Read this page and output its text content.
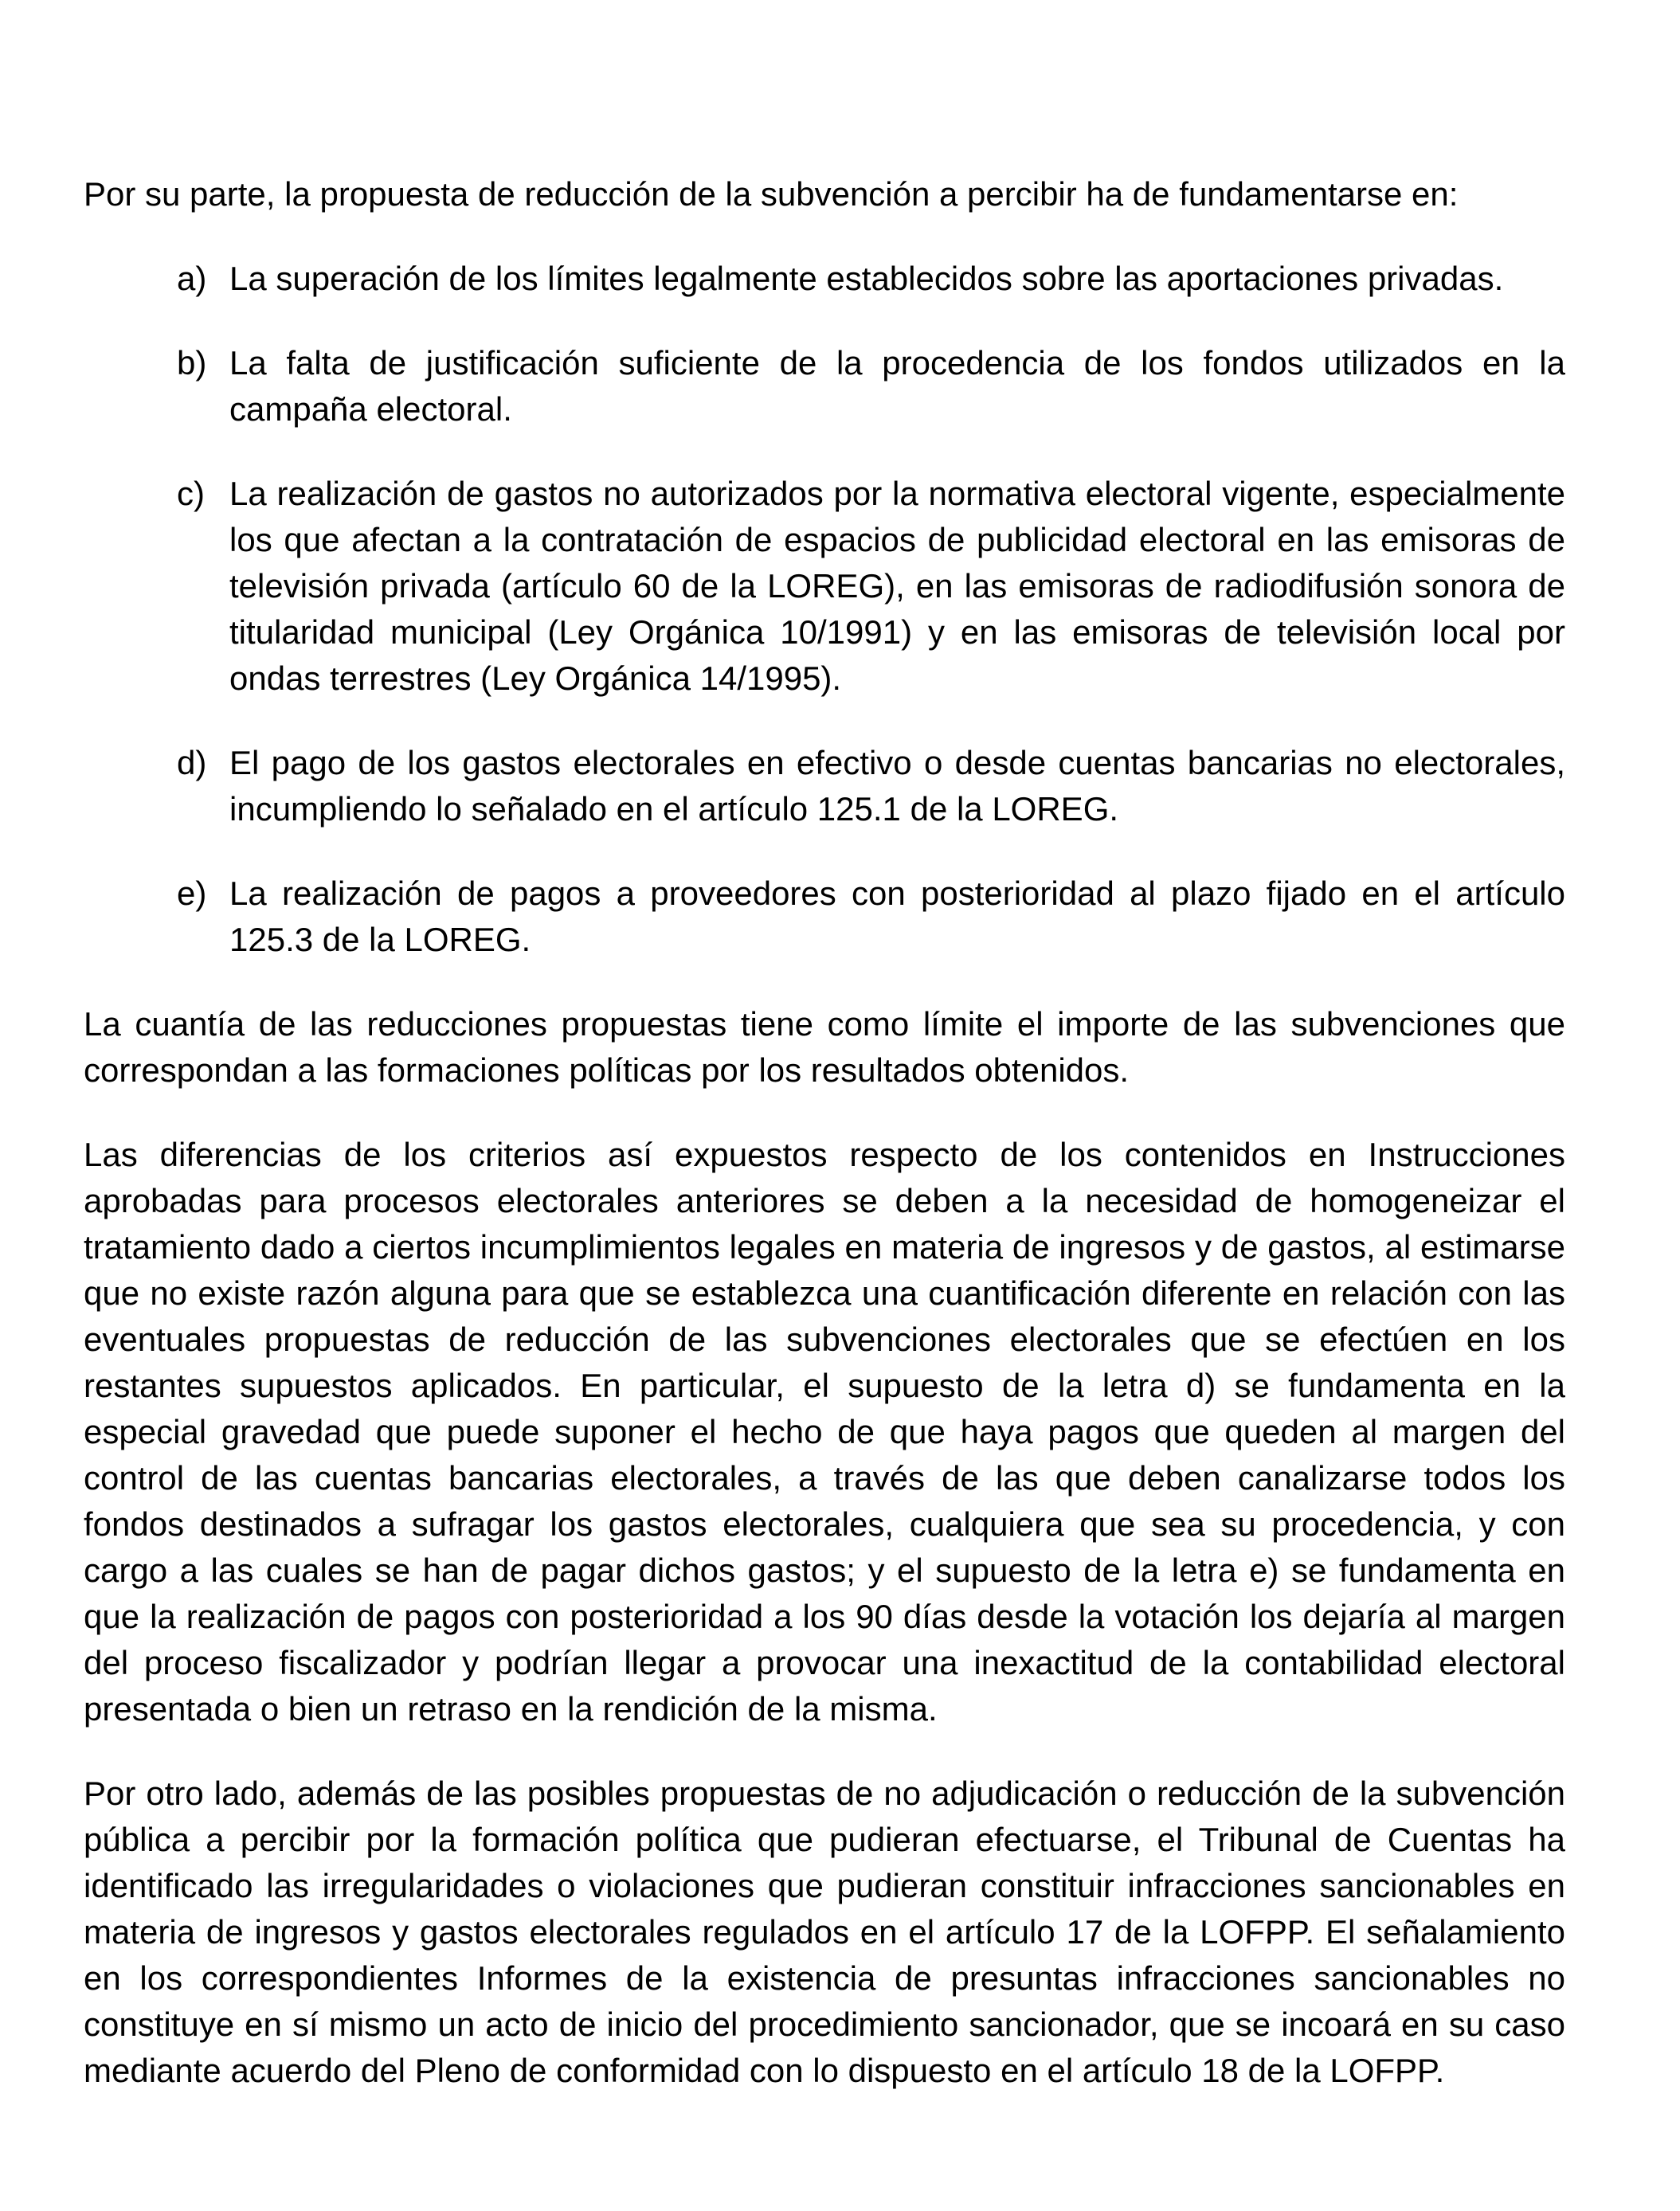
Por su parte, la propuesta de reducción de la subvención a percibir ha de fundamentarse en:

a) La superación de los límites legalmente establecidos sobre las aportaciones privadas.
b) La falta de justificación suficiente de la procedencia de los fondos utilizados en la campaña electoral.
c) La realización de gastos no autorizados por la normativa electoral vigente, especialmente los que afectan a la contratación de espacios de publicidad electoral en las emisoras de televisión privada (artículo 60 de la LOREG), en las emisoras de radiodifusión sonora de titularidad municipal (Ley Orgánica 10/1991) y en las emisoras de televisión local por ondas terrestres (Ley Orgánica 14/1995).
d) El pago de los gastos electorales en efectivo o desde cuentas bancarias no electorales, incumpliendo lo señalado en el artículo 125.1 de la LOREG.
e) La realización de pagos a proveedores con posterioridad al plazo fijado en el artículo 125.3 de la LOREG.

La cuantía de las reducciones propuestas tiene como límite el importe de las subvenciones que correspondan a las formaciones políticas por los resultados obtenidos.

Las diferencias de los criterios así expuestos respecto de los contenidos en Instrucciones aprobadas para procesos electorales anteriores se deben a la necesidad de homogeneizar el tratamiento dado a ciertos incumplimientos legales en materia de ingresos y de gastos, al estimarse que no existe razón alguna para que se establezca una cuantificación diferente en relación con las eventuales propuestas de reducción de las subvenciones electorales que se efectúen en los restantes supuestos aplicados. En particular, el supuesto de la letra d) se fundamenta en la especial gravedad que puede suponer el hecho de que haya pagos que queden al margen del control de las cuentas bancarias electorales, a través de las que deben canalizarse todos los fondos destinados a sufragar los gastos electorales, cualquiera que sea su procedencia, y con cargo a las cuales se han de pagar dichos gastos; y el supuesto de la letra e) se fundamenta en que la realización de pagos con posterioridad a los 90 días desde la votación los dejaría al margen del proceso fiscalizador y podrían llegar a provocar una inexactitud de la contabilidad electoral presentada o bien un retraso en la rendición de la misma.

Por otro lado, además de las posibles propuestas de no adjudicación o reducción de la subvención pública a percibir por la formación política que pudieran efectuarse, el Tribunal de Cuentas ha identificado las irregularidades o violaciones que pudieran constituir infracciones sancionables en materia de ingresos y gastos electorales regulados en el artículo 17 de la LOFPP. El señalamiento en los correspondientes Informes de la existencia de presuntas infracciones sancionables no constituye en sí mismo un acto de inicio del procedimiento sancionador, que se incoará en su caso mediante acuerdo del Pleno de conformidad con lo dispuesto en el artículo 18 de la LOFPP.
